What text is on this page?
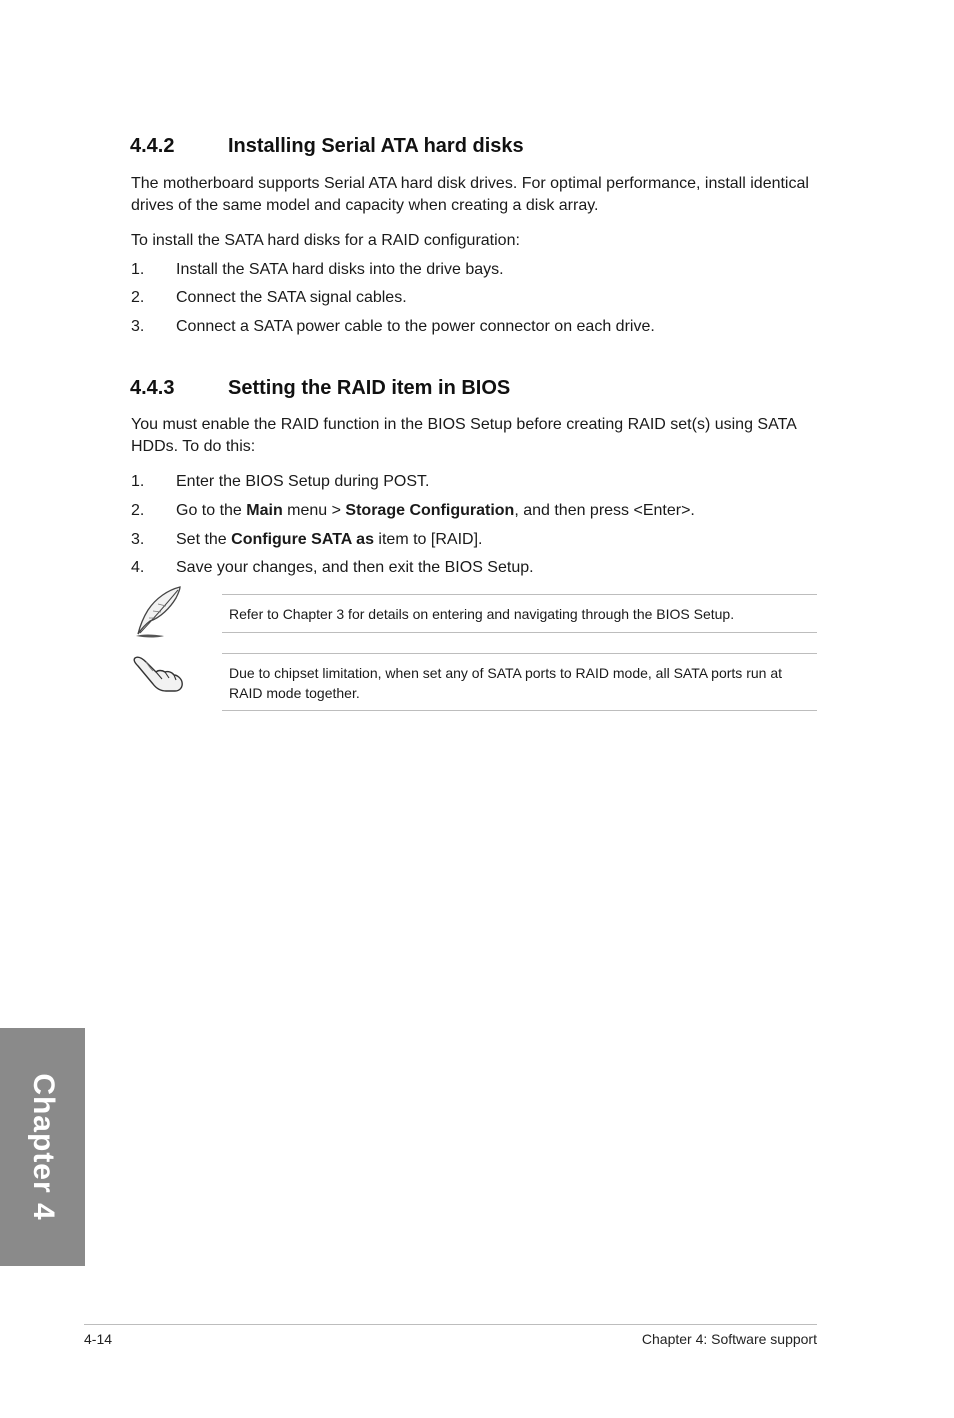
4.4.2	Installing Serial ATA hard disks

The motherboard supports Serial ATA hard disk drives. For optimal performance, install identical drives of the same model and capacity when creating a disk array.

To install the SATA hard disks for a RAID configuration:

1. Install the SATA hard disks into the drive bays.
2. Connect the SATA signal cables.
3. Connect a SATA power cable to the power connector on each drive.
4.4.3	Setting the RAID item in BIOS

You must enable the RAID function in the BIOS Setup before creating RAID set(s) using SATA HDDs. To do this:

1. Enter the BIOS Setup during POST.
2. Go to the Main menu > Storage Configuration, and then press <Enter>.
3. Set the Configure SATA as item to [RAID].
4. Save your changes, and then exit the BIOS Setup.
Refer to Chapter 3 for details on entering and navigating through the BIOS Setup.
Due to chipset limitation, when set any of SATA ports to RAID mode, all SATA ports run at RAID mode together.
Chapter 4
4-14	Chapter 4: Software support
